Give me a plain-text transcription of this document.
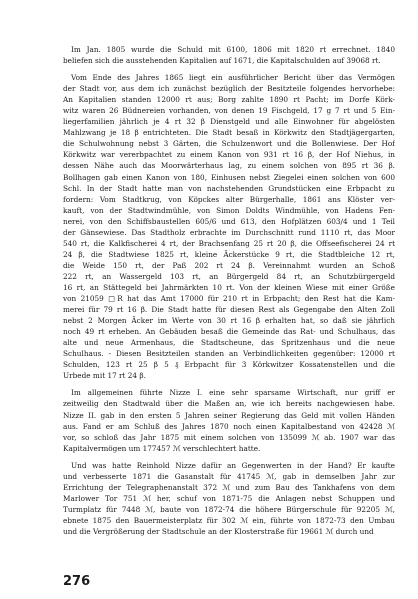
Im Jan. 1805 wurde die Schuld mit 6100, 1806 mit 1820 rt errechnet. 1840
beliefen sich die ausstehenden Kapitalien auf 1671, die Kapitalschulden auf 39068 rt.

Vom Ende des Jahres 1865 liegt ein ausführlicher Bericht über das Vermögen
der Stadt vor, aus dem ich zunächst bezüglich der Besitzteile folgendes hervorhebe:
An Kapitalien standen 12000 rt aus; Borg zahlte 1890 rt Pacht; im Dorfe Körk-
witz waren 26 Büdnereien vorhanden, von denen 19 Fischgeld, 17 g 7 rt und 5 Ein-
liegerfamilien jährlich je 4 rt 32 β Dienstgeld und alle Einwohner für abgelösten
Mahlzwang je 18 β entrichteten. Die Stadt besaß in Körkwitz den Stadtjägergarten,
die Schulwohnung nebst 3 Gärten, die Schulzenwort und die Bollenwiese. Der Hof
Körkwitz war vererbpachtet zu einem Kanon von 931 rt 16 β, der Hof Niehus, in
dessen Nähe auch das Moorwärterhaus lag, zu einem solchen von 895 rt 36 β.
Bollhagen gab einen Kanon von 180, Einhusen nebst Ziegelei einen solchen von 600
Schl. In der Stadt hatte man von nachstehenden Grundstücken eine Erbpacht zu
fordern: Vom Stadtkrug, von Köpckes alter Bürgerhalle, 1861 ans Klöster ver-
kauft, von der Stadtwindmühle, von Simon Doldts Windmühle, von Hadens Fen-
nerei, von den Schiffsbaustellen 605/6 und 613, den Hofplätzen 603/4 und 1 Teil
der Gänsewiese. Das Stadtholz erbrachte im Durchschnitt rund 1110 rt, das Moor
540 rt, die Kalkfischerei 4 rt, der Brachsenfang 25 rt 20 β, die Offseefischerei 24 rt
24 β, die Stadtwiese 1825 rt, kleine Äckerstücke 9 rt, die Stadtbleiche 12 rt,
die Weide 150 rt, der Paß 202 rt 24 β. Vereinnahmt wurden an Schoß
222 rt, an Wassergeld 103 rt, an Bürgergeld 84 rt, an Schutzbürgergeld
16 rt, an Stättegeld bei Jahrmärkten 10 rt. Von der kleinen Wiese mit einer Größe
von 21059 □R hat das Amt 17000 für 210 rt in Erbpacht; den Rest hat die Kam-
merei für 79 rt 16 β. Die Stadt hatte für diesen Rest als Gegengabe den Alten Zoll
nebst 2 Morgen Äcker im Werte von 30 rt 16 β erhalten hat, so daß sie jährlich
noch 49 rt erheben. An Gebäuden besaß die Gemeinde das Rat- und Schulhaus, das
alte und neue Armenhaus, die Stadtscheune, das Spritzenhaus und die neue
Schulhaus. - Diesen Besitzteilen standen an Verbindlichkeiten gegenüber: 12000 rt
Schulden, 123 rt 25 β 5 ₰ Erbpacht für 3 Körkwitzer Kossatenstellen und die
Urbede mit 17 rt 24 β.

Im allgemeinen führte Nizze I. eine sehr sparsame Wirtschaft, nur griff er
zeitweilig den Stadtwald über die Maßen an, wie ich bereits nachgewiesen habe.
Nizze II. gab in den ersten 5 Jahren seiner Regierung das Geld mit vollen Händen
aus. Fand er am Schluß des Jahres 1870 noch einen Kapitalbestand von 42428 ℳ
vor, so schloß das Jahr 1875 mit einem solchen von 135099 ℳ ab. 1907 war das
Kapitalvermögen um 177457 ℳ verschlechtert hatte.

Und was hatte Reinhold Nizze dafür an Gegenwerten in der Hand? Er kaufte
und verbesserte 1871 die Gasanstalt für 41745 ℳ, gab in demselben Jahr zur
Errichtung der Telegraphenanstalt 372 ℳ und zum Bau des Tankhafens von dem
Marlower Tor 751 ℳ her, schuf von 1871-75 die Anlagen nebst Schuppen und
Turmplatz für 7448 ℳ, baute von 1872-74 die höhere Bürgerschule für 92205 ℳ,
ebnete 1875 den Bauermeisterplatz für 302 ℳ ein, führte von 1872-73 den Umbau
und die Vergrößerung der Stadtschule an der Klosterstraße für 19661 ℳ durch und

276
